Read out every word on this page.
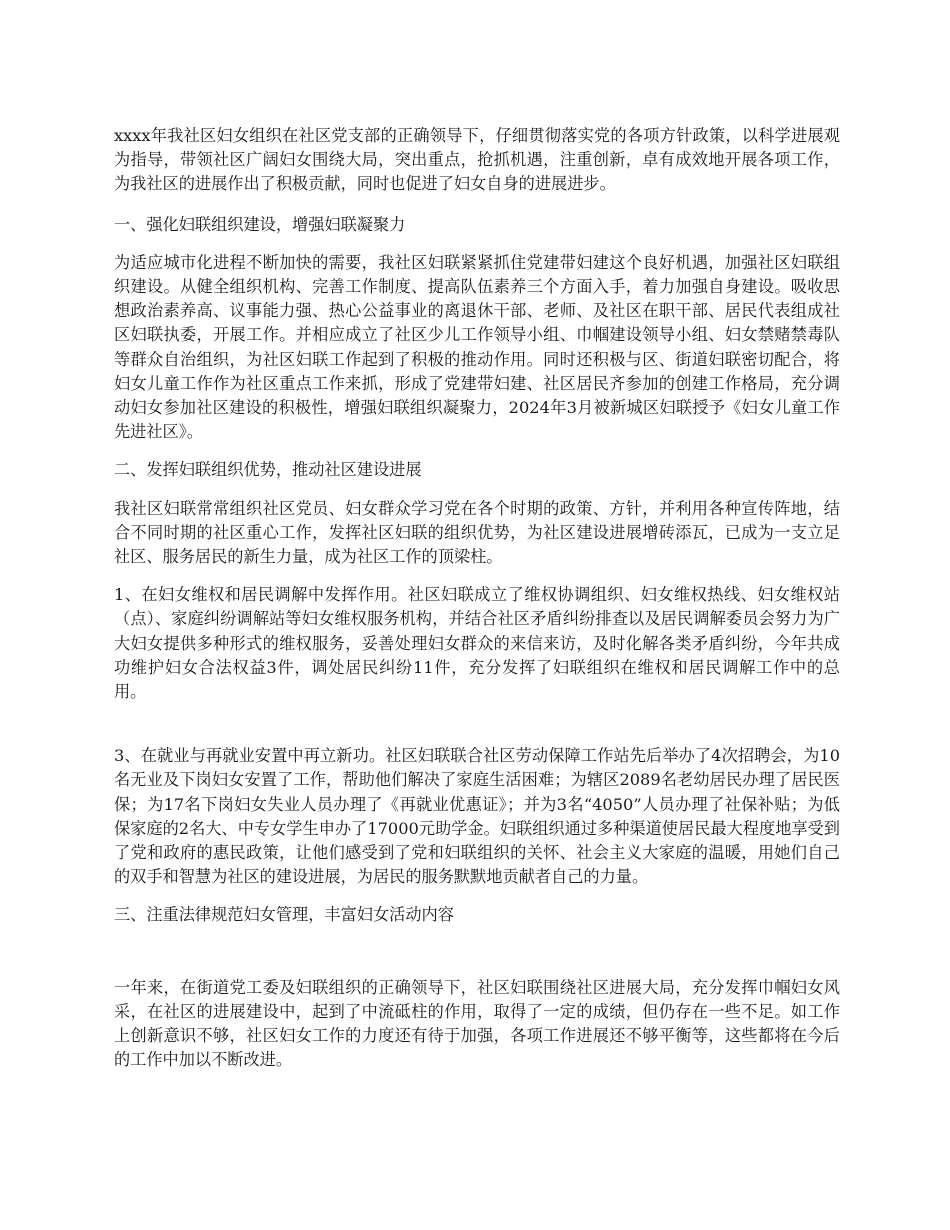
xxxx年我社区妇女组织在社区党支部的正确领导下，仔细贯彻落实党的各项方针政策，以科学进展观为指导，带领社区广阔妇女围绕大局，突出重点，抢抓机遇，注重创新，卓有成效地开展各项工作，为我社区的进展作出了积极贡献，同时也促进了妇女自身的进展进步。

一、强化妇联组织建设，增强妇联凝聚力

为适应城市化进程不断加快的需要，我社区妇联紧紧抓住党建带妇建这个良好机遇，加强社区妇联组织建设。从健全组织机构、完善工作制度、提高队伍素养三个方面入手，着力加强自身建设。吸收思想政治素养高、议事能力强、热心公益事业的离退休干部、老师、及社区在职干部、居民代表组成社区妇联执委，开展工作。并相应成立了社区少儿工作领导小组、巾帼建设领导小组、妇女禁赌禁毒队等群众自治组织，为社区妇联工作起到了积极的推动作用。同时还积极与区、街道妇联密切配合，将妇女儿童工作作为社区重点工作来抓，形成了党建带妇建、社区居民齐参加的创建工作格局，充分调动妇女参加社区建设的积极性，增强妇联组织凝聚力，2024年3月被新城区妇联授予《妇女儿童工作先进社区》。

二、发挥妇联组织优势，推动社区建设进展

我社区妇联常常组织社区党员、妇女群众学习党在各个时期的政策、方针，并利用各种宣传阵地，结合不同时期的社区重心工作，发挥社区妇联的组织优势，为社区建设进展增砖添瓦，已成为一支立足社区、服务居民的新生力量，成为社区工作的顶梁柱。

1、在妇女维权和居民调解中发挥作用。社区妇联成立了维权协调组织、妇女维权热线、妇女维权站（点）、家庭纠纷调解站等妇女维权服务机构，并结合社区矛盾纠纷排查以及居民调解委员会努力为广大妇女提供多种形式的维权服务，妥善处理妇女群众的来信来访，及时化解各类矛盾纠纷，今年共成功维护妇女合法权益3件，调处居民纠纷11件，充分发挥了妇联组织在维权和居民调解工作中的总用。

3、在就业与再就业安置中再立新功。社区妇联联合社区劳动保障工作站先后举办了4次招聘会，为10名无业及下岗妇女安置了工作，帮助他们解决了家庭生活困难；为辖区2089名老幼居民办理了居民医保；为17名下岗妇女失业人员办理了《再就业优惠证》；并为3名“4050”人员办理了社保补贴；为低保家庭的2名大、中专女学生申办了17000元助学金。妇联组织通过多种渠道使居民最大程度地享受到了党和政府的惠民政策，让他们感受到了党和妇联组织的关怀、社会主义大家庭的温暖，用她们自己的双手和智慧为社区的建设进展，为居民的服务默默地贡献者自己的力量。

三、注重法律规范妇女管理，丰富妇女活动内容

一年来，在街道党工委及妇联组织的正确领导下，社区妇联围绕社区进展大局，充分发挥巾帼妇女风采，在社区的进展建设中，起到了中流砥柱的作用，取得了一定的成绩，但仍存在一些不足。如工作上创新意识不够，社区妇女工作的力度还有待于加强，各项工作进展还不够平衡等，这些都将在今后的工作中加以不断改进。
